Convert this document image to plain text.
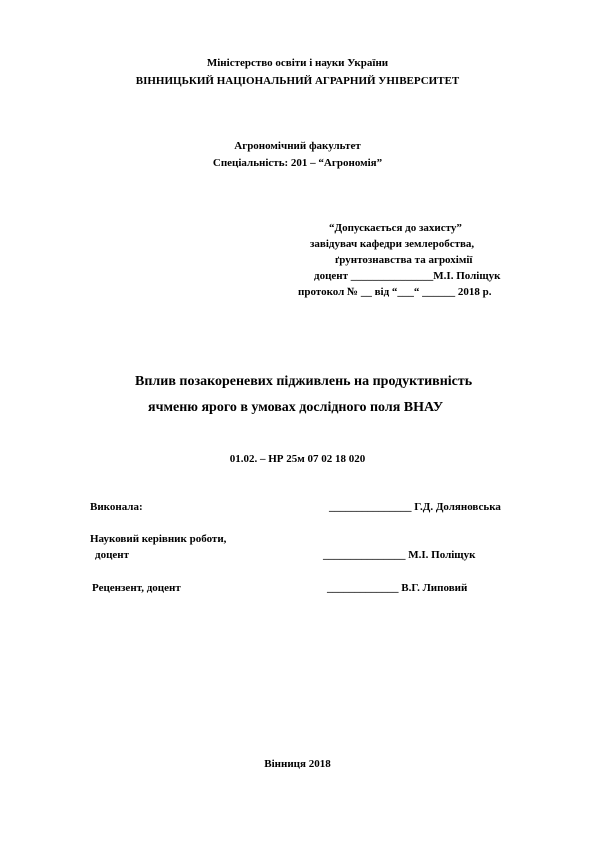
Міністерство освіти і науки України
ВІННИЦЬКИЙ НАЦІОНАЛЬНИЙ АГРАРНИЙ УНІВЕРСИТЕТ
Агрономічний факультет
Спеціальність: 201 – “Агрономія”
“Допускається до захисту”
завідувач кафедри землеробства,
ґрунтознавства та агрохімії
доцент _______________М.І. Поліщук
протокол № __ від “___“ ______ 2018 р.
Вплив позакореневих підживлень на продуктивність
ячменю ярого в умовах дослідного поля ВНАУ
01.02. – НР 25м 07 02 18 020
Виконала:	_______________ Г.Д. Доляновська
Науковий керівник роботи,
доцент	_______________ М.І. Поліщук
Рецензент, доцент	_____________ В.Г. Липовий
Вінниця 2018
